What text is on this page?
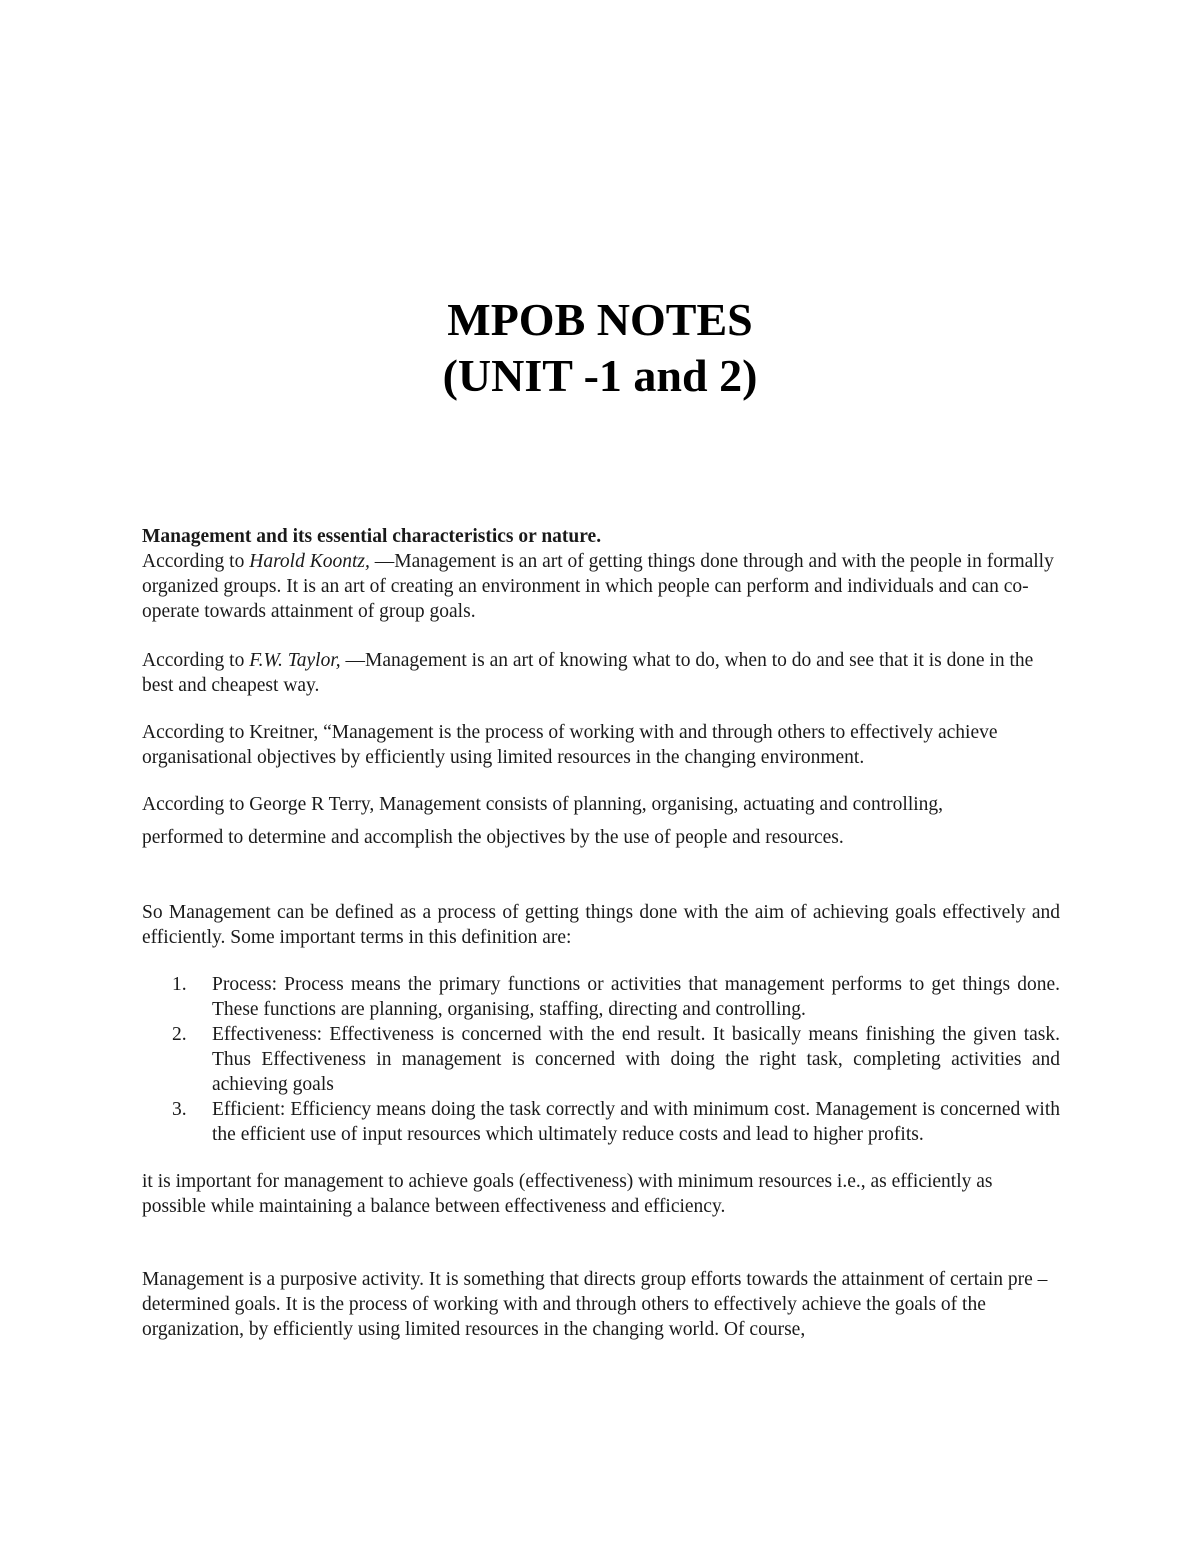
MPOB NOTES
(UNIT -1 and 2)

Management and its essential characteristics or nature.

According to Harold Koontz, —Management is an art of getting things done through and with the people in formally organized groups. It is an art of creating an environment in which people can perform and individuals and can co-operate towards attainment of group goals.

According to F.W. Taylor, —Management is an art of knowing what to do, when to do and see that it is done in the best and cheapest way.

According to Kreitner, “Management is the process of working with and through others to effectively achieve organisational objectives by efficiently using limited resources in the changing environment.

According to George R Terry, Management consists of planning, organising, actuating and controlling,

performed to determine and accomplish the objectives by the use of people and resources.

So Management can be defined as a process of getting things done with the aim of achieving goals effectively and efficiently. Some important terms in this definition are:

1. Process: Process means the primary functions or activities that management performs to get things done. These functions are planning, organising, staffing, directing and controlling.
2. Effectiveness: Effectiveness is concerned with the end result. It basically means finishing the given task. Thus Effectiveness in management is concerned with doing the right task, completing activities and achieving goals
3. Efficient: Efficiency means doing the task correctly and with minimum cost. Management is concerned with the efficient use of input resources which ultimately reduce costs and lead to higher profits.

it is important for management to achieve goals (effectiveness) with minimum resources i.e., as efficiently as possible while maintaining a balance between effectiveness and efficiency.

Management is a purposive activity. It is something that directs group efforts towards the attainment of certain pre – determined goals. It is the process of working with and through others to effectively achieve the goals of the organization, by efficiently using limited resources in the changing world. Of course,
